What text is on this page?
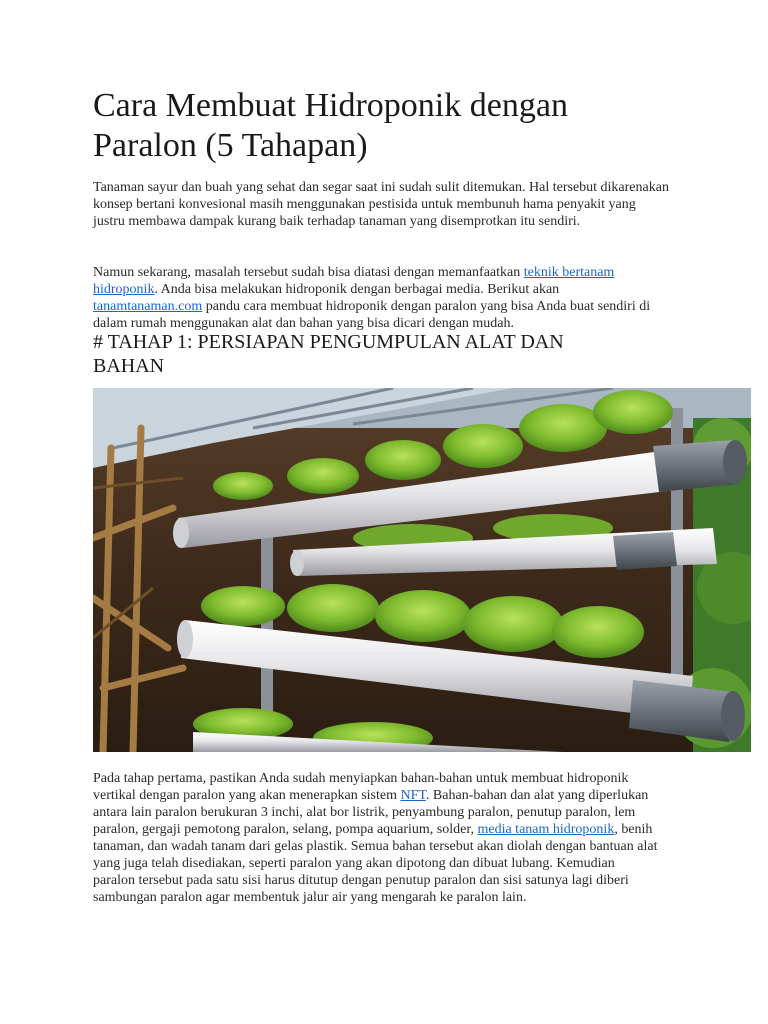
Cara Membuat Hidroponik dengan Paralon (5 Tahapan)

Tanaman sayur dan buah yang sehat dan segar saat ini sudah sulit ditemukan. Hal tersebut dikarenakan konsep bertani konvesional masih menggunakan pestisida untuk membunuh hama penyakit yang justru membawa dampak kurang baik terhadap tanaman yang disemprotkan itu sendiri.

Namun sekarang, masalah tersebut sudah bisa diatasi dengan memanfaatkan teknik bertanam hidroponik. Anda bisa melakukan hidroponik dengan berbagai media. Berikut akan tanamtanaman.com pandu cara membuat hidroponik dengan paralon yang bisa Anda buat sendiri di dalam rumah menggunakan alat dan bahan yang bisa dicari dengan mudah.

# TAHAP 1: PERSIAPAN PENGUMPULAN ALAT DAN BAHAN

Pada tahap pertama, pastikan Anda sudah menyiapkan bahan-bahan untuk membuat hidroponik vertikal dengan paralon yang akan menerapkan sistem NFT. Bahan-bahan dan alat yang diperlukan antara lain paralon berukuran 3 inchi, alat bor listrik, penyambung paralon, penutup paralon, lem paralon, gergaji pemotong paralon, selang, pompa aquarium, solder, media tanam hidroponik, benih tanaman, dan wadah tanam dari gelas plastik. Semua bahan tersebut akan diolah dengan bantuan alat yang juga telah disediakan, seperti paralon yang akan dipotong dan dibuat lubang. Kemudian paralon tersebut pada satu sisi harus ditutup dengan penutup paralon dan sisi satunya lagi diberi sambungan paralon agar membentuk jalur air yang mengarah ke paralon lain.
